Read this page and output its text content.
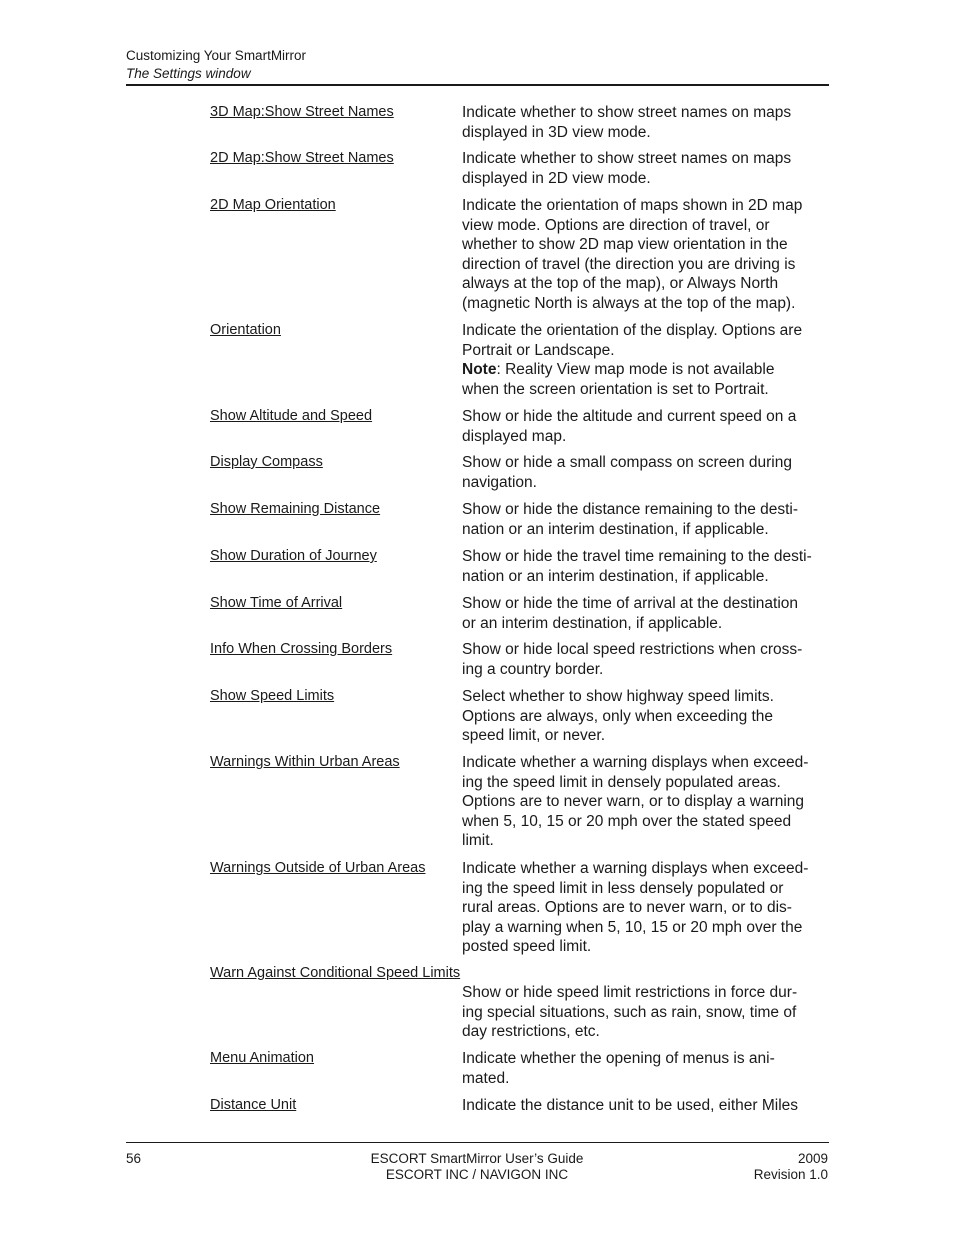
Customizing Your SmartMirror
The Settings window
3D Map:Show Street Names	Indicate whether to show street names on maps
displayed in 3D view mode.
2D Map:Show Street Names	Indicate whether to show street names on maps
displayed in 2D view mode.
2D Map Orientation	Indicate the orientation of maps shown in 2D map
view mode. Options are direction of travel, or
whether to show 2D map view orientation in the
direction of travel (the direction you are driving is
always at the top of the map), or Always North
(magnetic North is always at the top of the map).
Orientation	Indicate the orientation of the display. Options are
Portrait or Landscape.
Note: Reality View map mode is not available
when the screen orientation is set to Portrait.
Show Altitude and Speed	Show or hide the altitude and current speed on a
displayed map.
Display Compass	Show or hide a small compass on screen during
navigation.
Show Remaining Distance	Show or hide the distance remaining to the desti-
nation or an interim destination, if applicable.
Show Duration of Journey	Show or hide the travel time remaining to the desti-
nation or an interim destination, if applicable.
Show Time of Arrival	Show or hide the time of arrival at the destination
or an interim destination, if applicable.
Info When Crossing Borders	Show or hide local speed restrictions when cross-
ing a country border.
Show Speed Limits	Select whether to show highway speed limits.
Options are always, only when exceeding the
speed limit, or never.
Warnings Within Urban Areas	Indicate whether a warning displays when exceed-
ing the speed limit in densely populated areas.
Options are to never warn, or to display a warning
when 5, 10, 15 or 20 mph over the stated speed
limit.
Warnings Outside of Urban Areas Indicate whether a warning displays when exceed-
ing the speed limit in less densely populated or
rural areas. Options are to never warn, or to dis-
play a warning when 5, 10, 15 or 20 mph over the
posted speed limit.
Warn Against Conditional Speed Limits
Show or hide speed limit restrictions in force dur-
ing special situations, such as rain, snow, time of
day restrictions, etc.
Menu Animation	Indicate whether the opening of menus is ani-
mated.
Distance Unit	Indicate the distance unit to be used, either Miles
56	ESCORT SmartMirror User’s Guide
ESCORT INC / NAVIGON INC
2009
Revision 1.0
